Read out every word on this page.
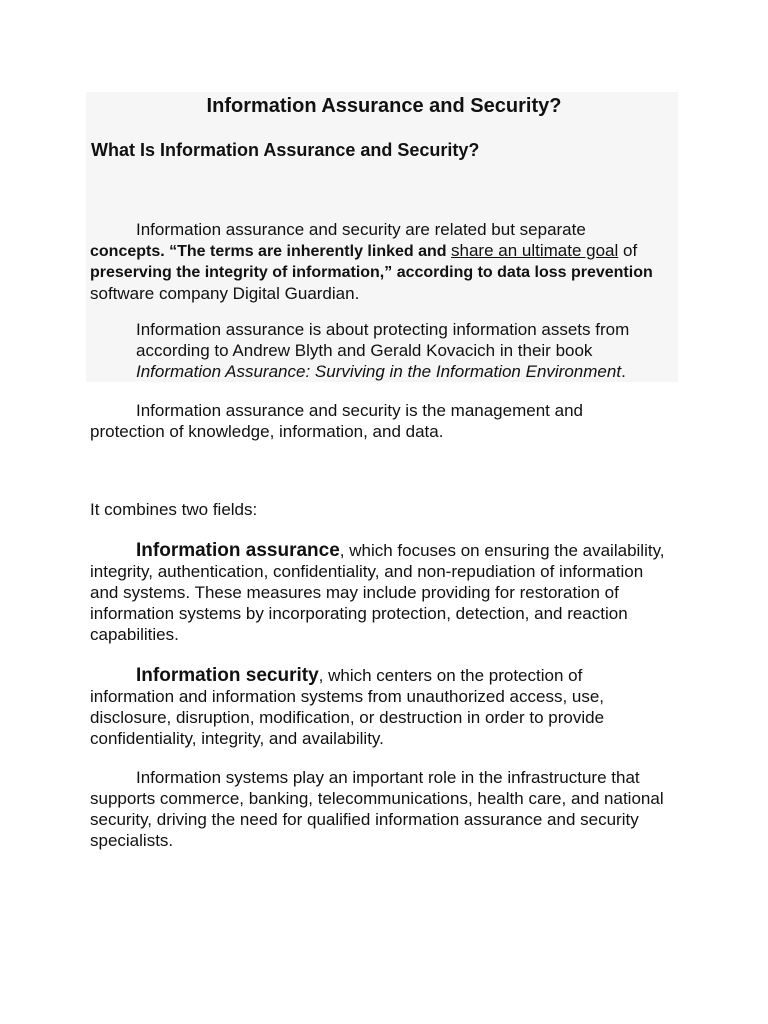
Information Assurance and Security?
What Is Information Assurance and Security?
Information assurance and security are related but separate
concepts. “The terms are inherently linked and share an ultimate goal of
preserving the integrity of information,” according to data loss prevention
software company Digital Guardian.
Information assurance is about protecting information assets from according to Andrew Blyth and Gerald Kovacich in their book Information Assurance: Surviving in the Information Environment.
Information assurance and security is the management and protection of knowledge, information, and data.
It combines two fields:
Information assurance, which focuses on ensuring the availability, integrity, authentication, confidentiality, and non-repudiation of information and systems. These measures may include providing for restoration of information systems by incorporating protection, detection, and reaction capabilities.
Information security, which centers on the protection of information and information systems from unauthorized access, use, disclosure, disruption, modification, or destruction in order to provide confidentiality, integrity, and availability.
Information systems play an important role in the infrastructure that supports commerce, banking, telecommunications, health care, and national security, driving the need for qualified information assurance and security specialists.
